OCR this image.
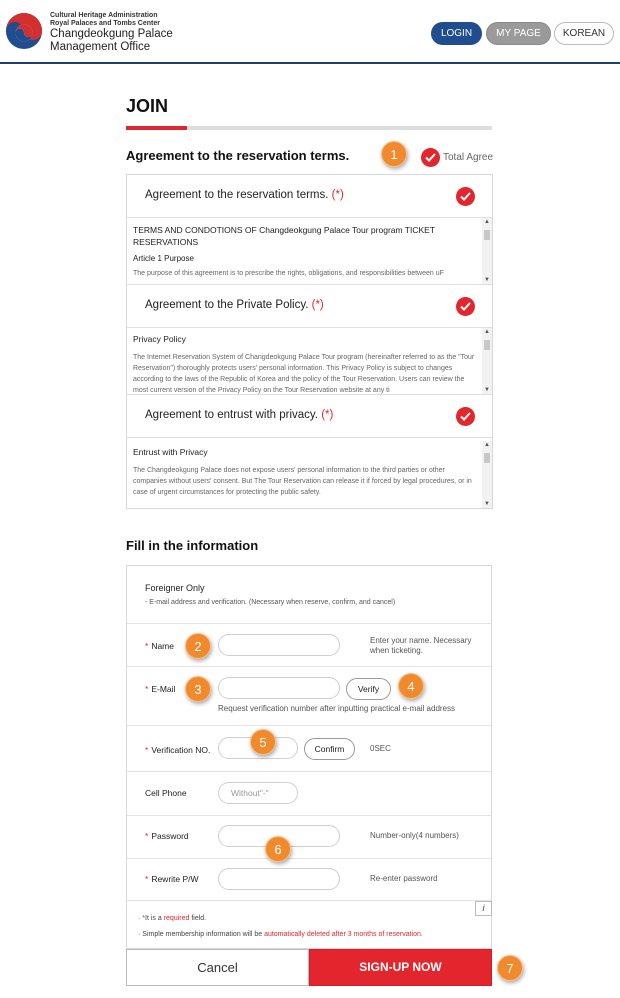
Cultural Heritage Administration
Royal Palaces and Tombs Center
Changdeokgung Palace
Management Office
LOGIN	MY PAGE	KOREAN
JOIN
Agreement to the reservation terms.	1	Total Agree
Agreement to the reservation terms. (*)
TERMS AND CONDOTIONS OF Changdeokgung Palace Tour program TICKET RESERVATIONS
Article 1 Purpose
The purpose of this agreement is to prescribe the rights, obligations, and responsibilities between uF
▲
▼
Agreement to the Private Policy. (*)
Privacy Policy
The Internet Reservation System of Changdeokgung Palace Tour program (hereinafter referred to as the "Tour Reservation") thoroughly protects users' personal information. This Privacy Policy is subject to changes according to the laws of the Republic of Korea and the policy of the Tour Reservation. Users can review the most current version of the Privacy Policy on the Tour Reservation website at any ti
▲
▼
Agreement to entrust with privacy. (*)
Entrust with Privacy
The Changdeokgung Palace does not expose users' personal information to the third parties or other companies without users' consent. But The Tour Reservation can release it if forced by legal procedures, or in case of urgent circumstances for protecting the public safety.
▲
▼
Fill in the information
Foreigner Only
- E-mail address and verification. (Necessary when reserve, confirm, and cancel)
* Name
Enter your name. Necessary when ticketing.
* E-Mail	Verify
Request verification number after inputting practical e-mail address
* Verification NO.	Confirm	0SEC
Cell Phone	Without"-"
* Password	Number-only(4 numbers)
* Rewrite P/W	Re-enter password
i
· *It is a required field.
· Simple membership information will be automatically deleted after 3 months of reservation.
Cancel	SIGN-UP NOW
2
3	4
5
6
7
